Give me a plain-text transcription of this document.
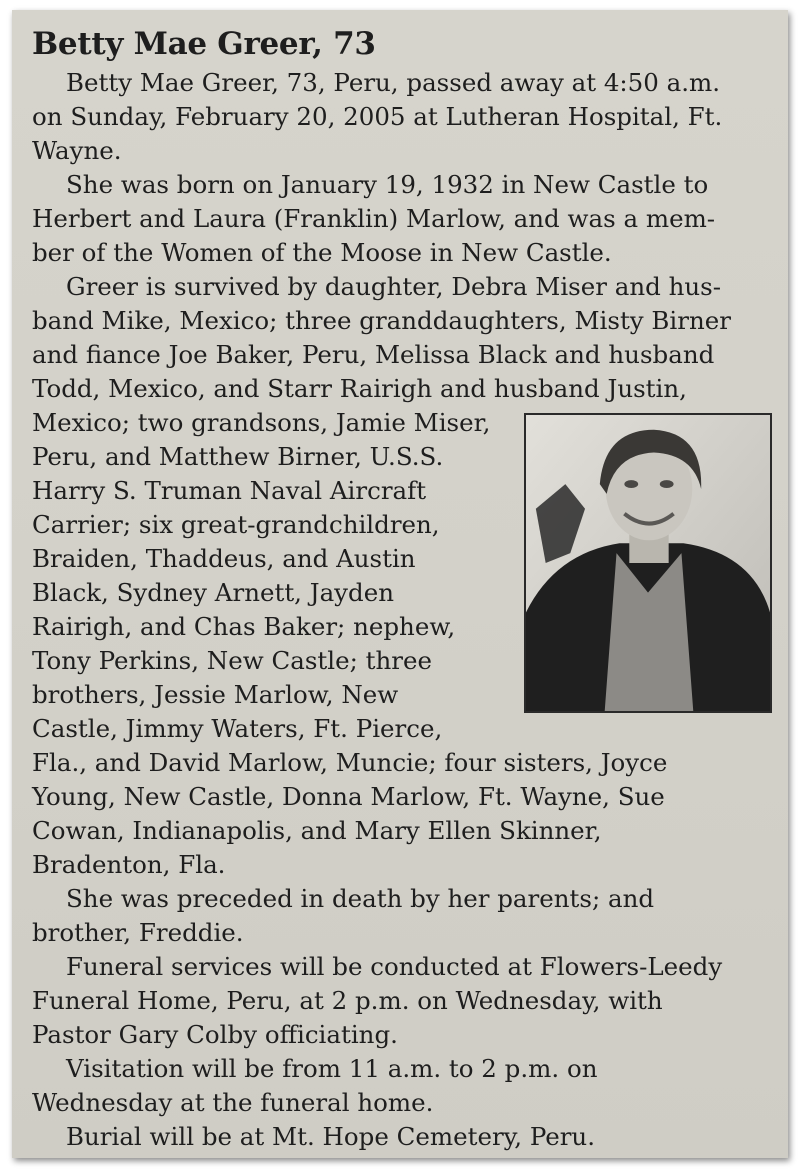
Betty Mae Greer, 73
Betty Mae Greer, 73, Peru, passed away at 4:50 a.m.
on Sunday, February 20, 2005 at Lutheran Hospital, Ft.
Wayne.
She was born on January 19, 1932 in New Castle to
Herbert and Laura (Franklin) Marlow, and was a mem-
ber of the Women of the Moose in New Castle.
Greer is survived by daughter, Debra Miser and hus-
band Mike, Mexico; three granddaughters, Misty Birner
and fiance Joe Baker, Peru, Melissa Black and husband
Todd, Mexico, and Starr Rairigh and husband Justin,
Mexico; two grandsons, Jamie Miser,
Peru, and Matthew Birner, U.S.S.
Harry S. Truman Naval Aircraft
Carrier; six great-grandchildren,
Braiden, Thaddeus, and Austin
Black, Sydney Arnett, Jayden
Rairigh, and Chas Baker; nephew,
Tony Perkins, New Castle; three
brothers, Jessie Marlow, New
Castle, Jimmy Waters, Ft. Pierce,
Fla., and David Marlow, Muncie; four sisters, Joyce
Young, New Castle, Donna Marlow, Ft. Wayne, Sue
Cowan, Indianapolis, and Mary Ellen Skinner,
Bradenton, Fla.
She was preceded in death by her parents; and
brother, Freddie.
Funeral services will be conducted at Flowers-Leedy
Funeral Home, Peru, at 2 p.m. on Wednesday, with
Pastor Gary Colby officiating.
Visitation will be from 11 a.m. to 2 p.m. on
Wednesday at the funeral home.
Burial will be at Mt. Hope Cemetery, Peru.
